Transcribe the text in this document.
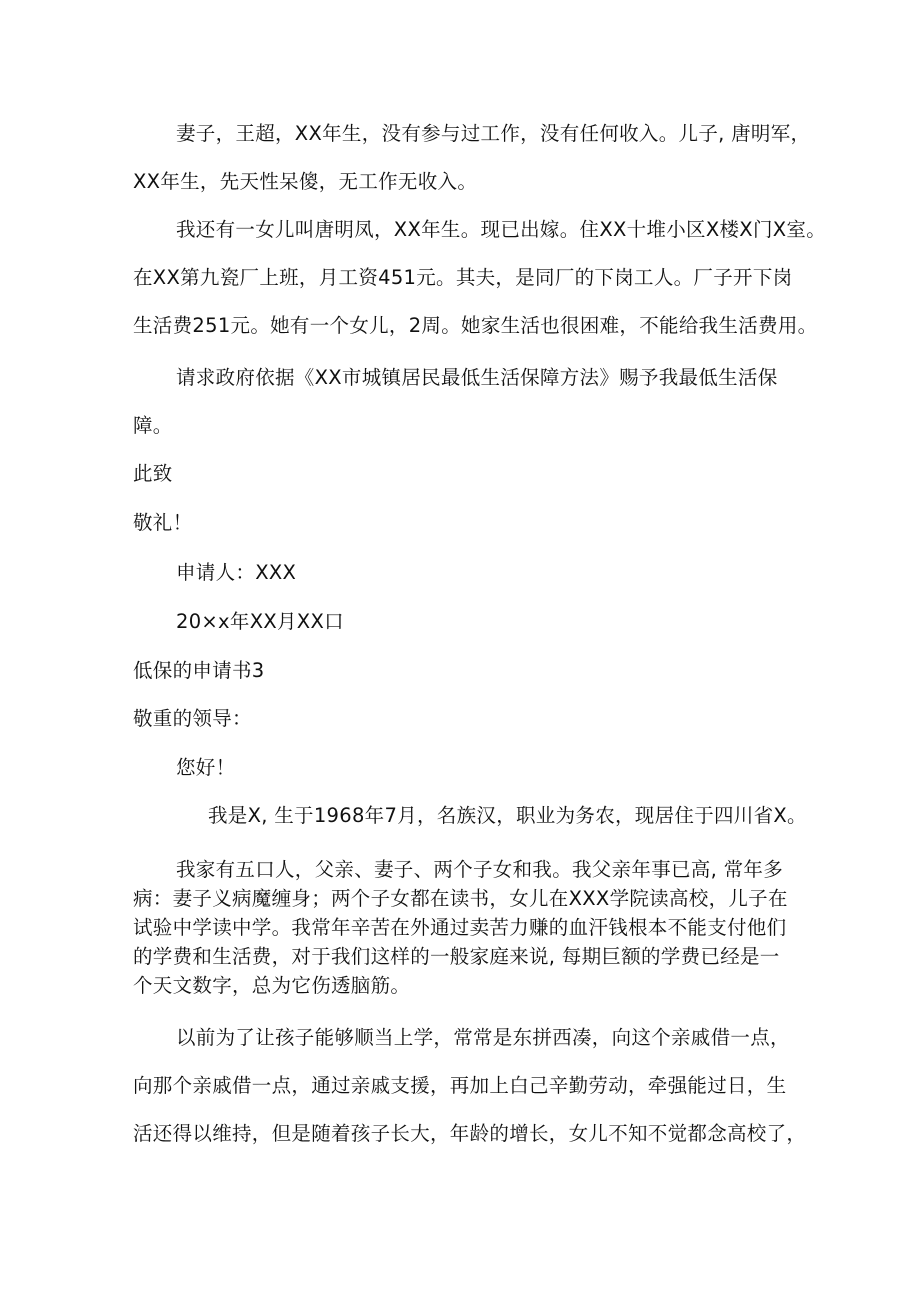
妻子，王超，XX年生，没有参与过工作，没有任何收入。儿子, 唐明军，
XX年生，先天性呆傻，无工作无收入。
我还有一女儿叫唐明凤，XX年生。现已出嫁。住XX十堆小区X楼X门X室。
在XX第九瓷厂上班，月工资451元。其夫，是同厂的下岗工人。厂子开下岗
生活费251元。她有一个女儿，2周。她家生活也很困难，不能给我生活费用。
请求政府依据《XX市城镇居民最低生活保障方法》赐予我最低生活保
障。
此致
敬礼！
申请人：XXX
20×x年XX月XX口
低保的申请书3
敬重的领导：
您好！
我是X, 生于1968年7月，名族汉，职业为务农，现居住于四川省X。
我家有五口人，父亲、妻子、两个子女和我。我父亲年事已高, 常年多
病：妻子义病魔缠身；两个子女都在读书，女儿在XXX学院读高校，儿子在
试验中学读中学。我常年辛苦在外通过卖苦力赚的血汗钱根本不能支付他们
的学费和生活费，对于我们这样的一般家庭来说, 每期巨额的学费已经是一
个天文数字，总为它伤透脑筋。
以前为了让孩子能够顺当上学，常常是东拼西凑，向这个亲戚借一点，
向那个亲戚借一点，通过亲戚支援，再加上白己辛勤劳动，牵强能过日，生
活还得以维持，但是随着孩子长大，年龄的增长，女儿不知不觉都念高校了，
